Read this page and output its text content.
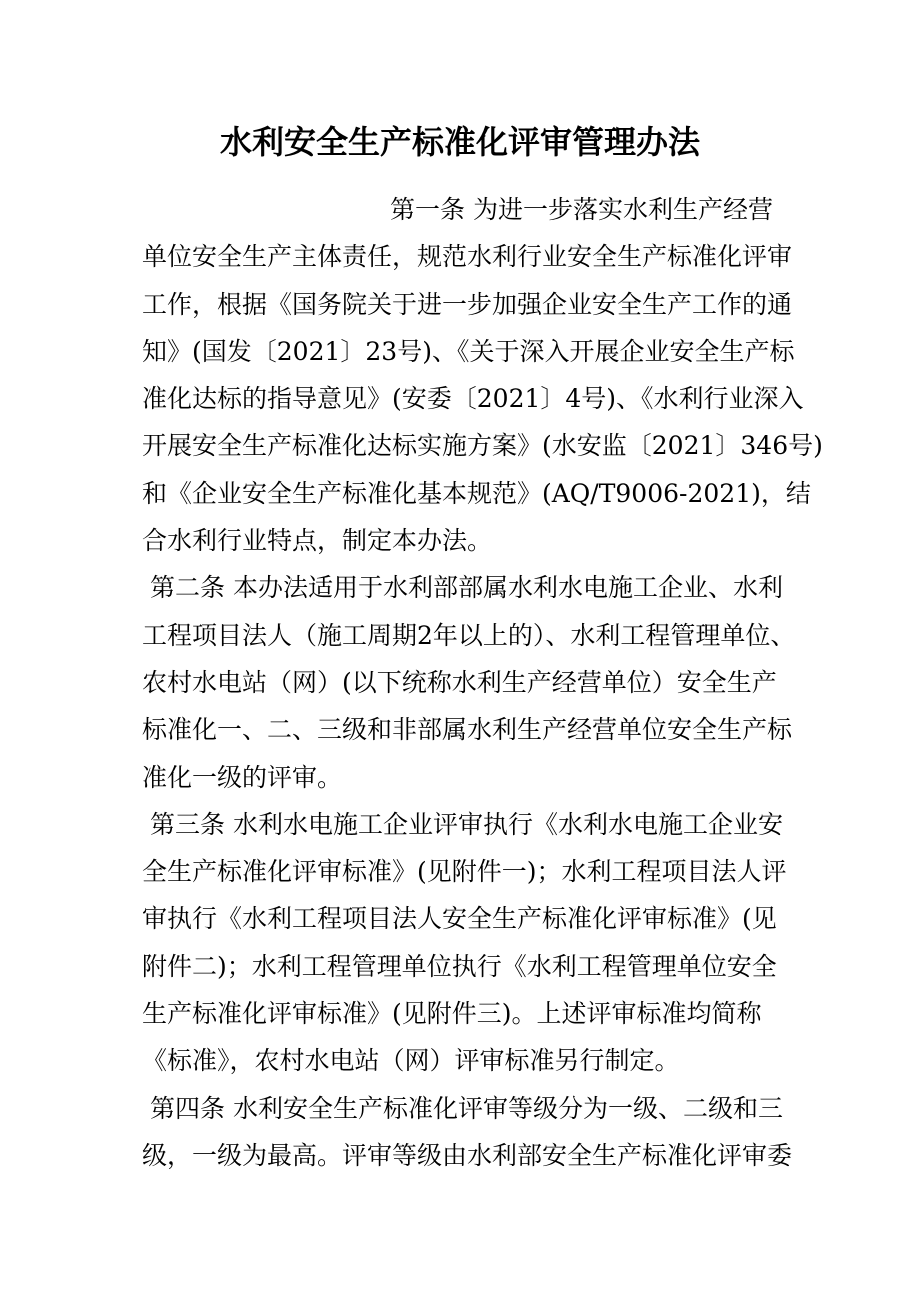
水利安全生产标准化评审管理办法
第一条 为进一步落实水利生产经营
单位安全生产主体责任，规范水利行业安全生产标准化评审
工作，根据《国务院关于进一步加强企业安全生产工作的通
知》(国发〔2021〕23号)、《关于深入开展企业安全生产标
准化达标的指导意见》(安委〔2021〕4号)、《水利行业深入
开展安全生产标准化达标实施方案》(水安监〔2021〕346号)
和《企业安全生产标准化基本规范》(AQ/T9006-2021)，结
合水利行业特点，制定本办法。
第二条 本办法适用于水利部部属水利水电施工企业、水利
工程项目法人（施工周期2年以上的）、水利工程管理单位、
农村水电站（网）(以下统称水利生产经营单位）安全生产
标准化一、二、三级和非部属水利生产经营单位安全生产标
准化一级的评审。
第三条 水利水电施工企业评审执行《水利水电施工企业安
全生产标准化评审标准》(见附件一)；水利工程项目法人评
审执行《水利工程项目法人安全生产标准化评审标准》(见
附件二)；水利工程管理单位执行《水利工程管理单位安全
生产标准化评审标准》(见附件三)。上述评审标准均简称
《标准》，农村水电站（网）评审标准另行制定。
第四条 水利安全生产标准化评审等级分为一级、二级和三
级，一级为最高。评审等级由水利部安全生产标准化评审委
